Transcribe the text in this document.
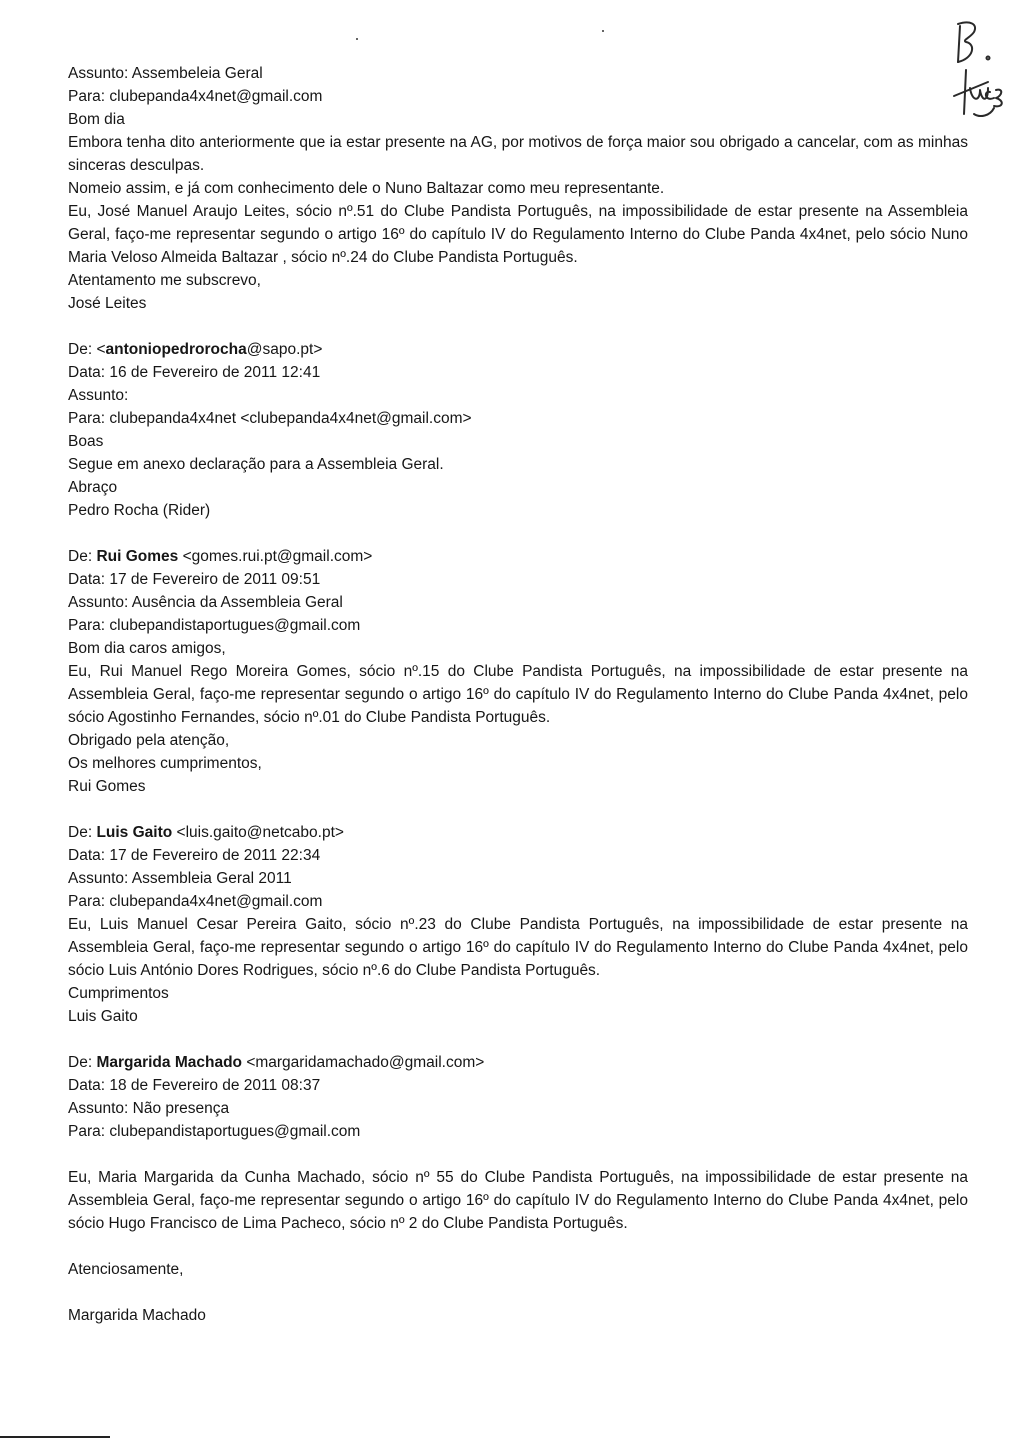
Assunto: Assembeleia Geral
Para: clubepanda4x4net@gmail.com
Bom dia
Embora tenha dito anteriormente que ia estar presente na AG, por motivos de força maior sou obrigado a cancelar, com as minhas sinceras desculpas.
Nomeio assim, e já com conhecimento dele o Nuno Baltazar como meu representante.
Eu, José Manuel Araujo Leites, sócio nº.51 do Clube Pandista Português, na impossibilidade de estar presente na Assembleia Geral, faço-me representar segundo o artigo 16º do capítulo IV do Regulamento Interno do Clube Panda 4x4net, pelo sócio Nuno Maria Veloso Almeida Baltazar , sócio nº.24 do Clube Pandista Português.
Atentamento me subscrevo,
José Leites
De: <antoniopedrorocha@sapo.pt>
Data: 16 de Fevereiro de 2011 12:41
Assunto:
Para: clubepanda4x4net <clubepanda4x4net@gmail.com>
Boas
Segue em anexo declaração para a Assembleia Geral.
Abraço
Pedro Rocha (Rider)
De: Rui Gomes <gomes.rui.pt@gmail.com>
Data: 17 de Fevereiro de 2011 09:51
Assunto: Ausência da Assembleia Geral
Para: clubepandistaportugues@gmail.com
Bom dia caros amigos,
Eu, Rui Manuel Rego Moreira Gomes, sócio nº.15 do Clube Pandista Português, na impossibilidade de estar presente na Assembleia Geral, faço-me representar segundo o artigo 16º do capítulo IV do Regulamento Interno do Clube Panda 4x4net, pelo sócio Agostinho Fernandes, sócio nº.01 do Clube Pandista Português.
Obrigado pela atenção,
Os melhores cumprimentos,
Rui Gomes
De: Luis Gaito <luis.gaito@netcabo.pt>
Data: 17 de Fevereiro de 2011 22:34
Assunto: Assembleia Geral 2011
Para: clubepanda4x4net@gmail.com
Eu, Luis Manuel Cesar Pereira Gaito, sócio nº.23 do Clube Pandista Português, na impossibilidade de estar presente na Assembleia Geral, faço-me representar segundo o artigo 16º do capítulo IV do Regulamento Interno do Clube Panda 4x4net, pelo sócio Luis António Dores Rodrigues, sócio nº.6 do Clube Pandista Português.
Cumprimentos
Luis Gaito
De: Margarida Machado <margaridamachado@gmail.com>
Data: 18 de Fevereiro de 2011 08:37
Assunto: Não presença
Para: clubepandistaportugues@gmail.com
Eu, Maria Margarida da Cunha Machado, sócio nº 55 do Clube Pandista Português, na impossibilidade de estar presente na Assembleia Geral, faço-me representar segundo o artigo 16º do capítulo IV do Regulamento Interno do Clube Panda 4x4net, pelo sócio Hugo Francisco de Lima Pacheco, sócio nº 2 do Clube Pandista Português.
Atenciosamente,
Margarida Machado
